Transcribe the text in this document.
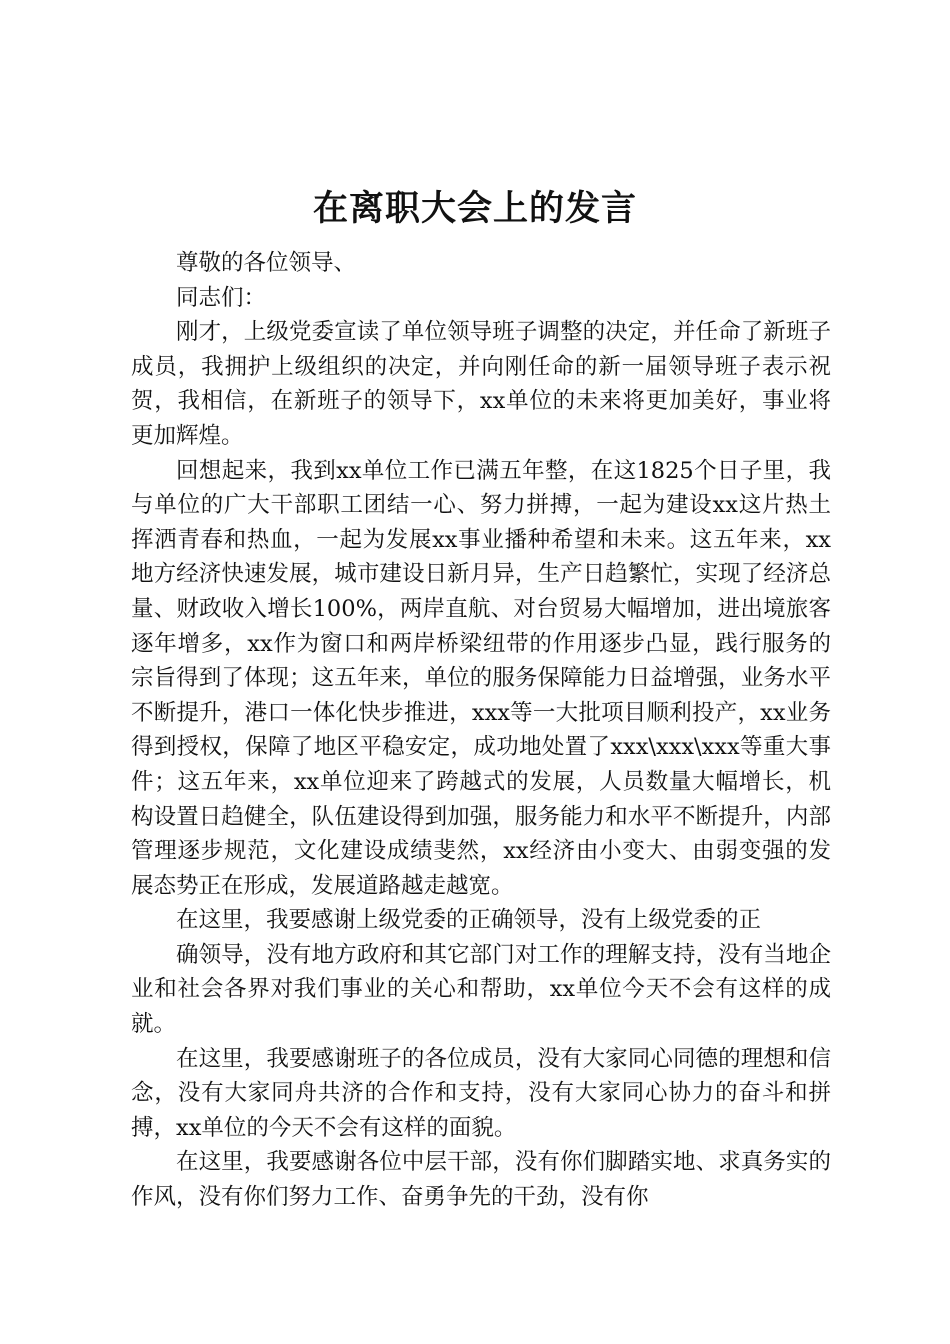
在离职大会上的发言

尊敬的各位领导、

同志们：

刚才，上级党委宣读了单位领导班子调整的决定，并任命了新班子成员，我拥护上级组织的决定，并向刚任命的新一届领导班子表示祝贺，我相信，在新班子的领导下，xx单位的未来将更加美好，事业将更加辉煌。

回想起来，我到xx单位工作已满五年整，在这1825个日子里，我与单位的广大干部职工团结一心、努力拼搏，一起为建设xx这片热土挥洒青春和热血，一起为发展xx事业播种希望和未来。这五年来，xx地方经济快速发展，城市建设日新月异，生产日趋繁忙，实现了经济总量、财政收入增长100%，两岸直航、对台贸易大幅增加，进出境旅客逐年增多，xx作为窗口和两岸桥梁纽带的作用逐步凸显，践行服务的宗旨得到了体现；这五年来，单位的服务保障能力日益增强，业务水平不断提升，港口一体化快步推进，xxx等一大批项目顺利投产，xx业务得到授权，保障了地区平稳安定，成功地处置了xxx\xxx\xxx等重大事件；这五年来，xx单位迎来了跨越式的发展，人员数量大幅增长，机构设置日趋健全，队伍建设得到加强，服务能力和水平不断提升，内部管理逐步规范，文化建设成绩斐然，xx经济由小变大、由弱变强的发展态势正在形成，发展道路越走越宽。

在这里，我要感谢上级党委的正确领导，没有上级党委的正

确领导，没有地方政府和其它部门对工作的理解支持，没有当地企业和社会各界对我们事业的关心和帮助，xx单位今天不会有这样的成就。

在这里，我要感谢班子的各位成员，没有大家同心同德的理想和信念，没有大家同舟共济的合作和支持，没有大家同心协力的奋斗和拼搏，xx单位的今天不会有这样的面貌。

在这里，我要感谢各位中层干部，没有你们脚踏实地、求真务实的作风，没有你们努力工作、奋勇争先的干劲，没有你
